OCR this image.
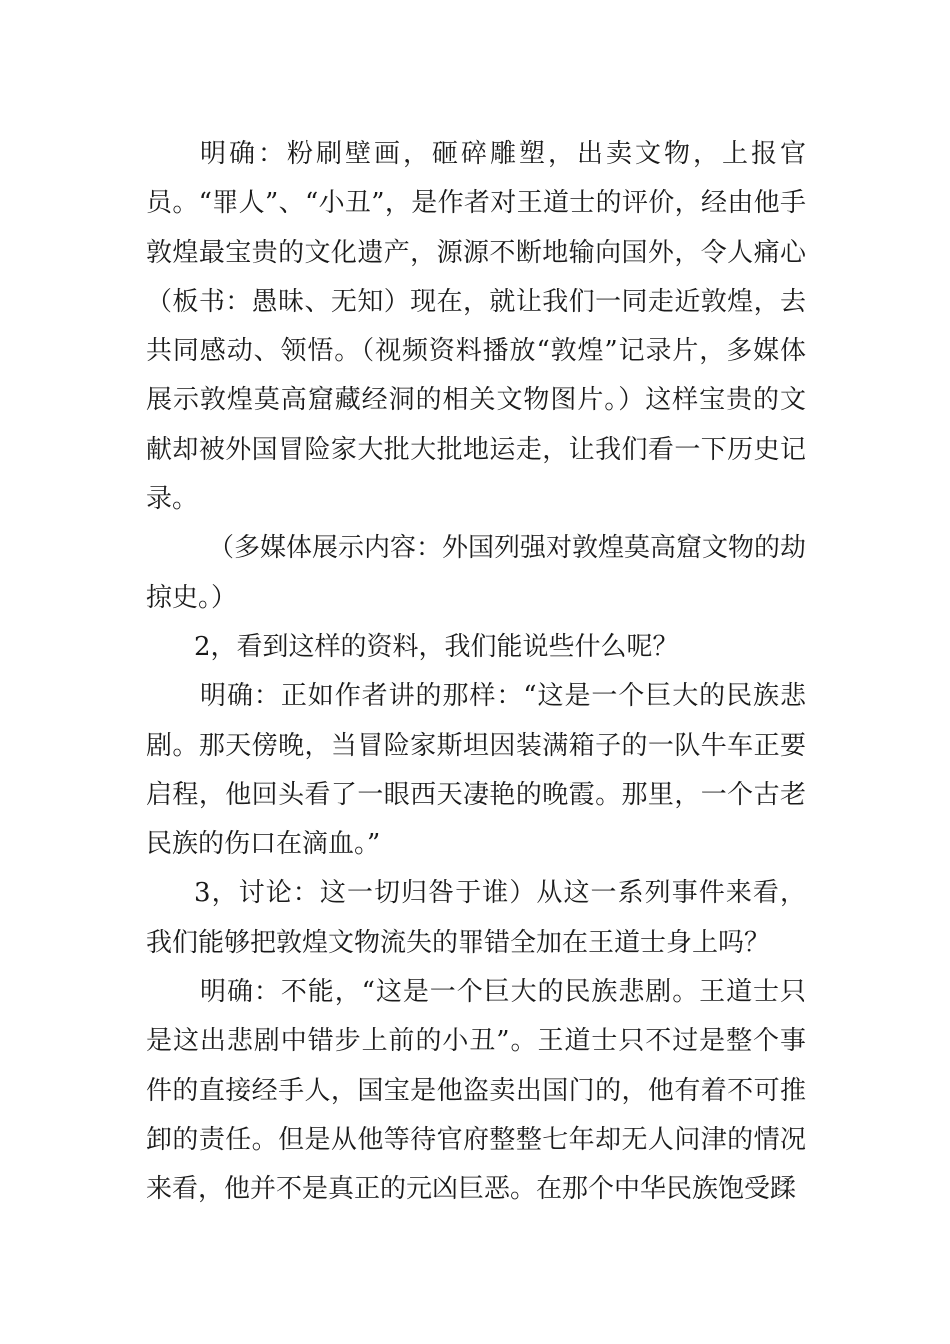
明确：粉刷壁画，砸碎雕塑，出卖文物，上报官员。“罪人”、“小丑”，是作者对王道士的评价，经由他手敦煌最宝贵的文化遗产，源源不断地输向国外，令人痛心（板书：愚昧、无知）现在，就让我们一同走近敦煌，去共同感动、领悟。（视频资料播放“敦煌”记录片，多媒体展示敦煌莫高窟藏经洞的相关文物图片。）这样宝贵的文献却被外国冒险家大批大批地运走，让我们看一下历史记录。

（多媒体展示内容：外国列强对敦煌莫高窟文物的劫掠史。）

2，看到这样的资料，我们能说些什么呢？

明确：正如作者讲的那样：“这是一个巨大的民族悲剧。那天傍晚，当冒险家斯坦因装满箱子的一队牛车正要启程，他回头看了一眼西天凄艳的晚霞。那里，一个古老民族的伤口在滴血。”

3，讨论：这一切归咎于谁）从这一系列事件来看，我们能够把敦煌文物流失的罪错全加在王道士身上吗？

明确：不能，“这是一个巨大的民族悲剧。王道士只是这出悲剧中错步上前的小丑”。王道士只不过是整个事件的直接经手人，国宝是他盗卖出国门的，他有着不可推卸的责任。但是从他等待官府整整七年却无人问津的情况来看，他并不是真正的元凶巨恶。在那个中华民族饱受蹂
